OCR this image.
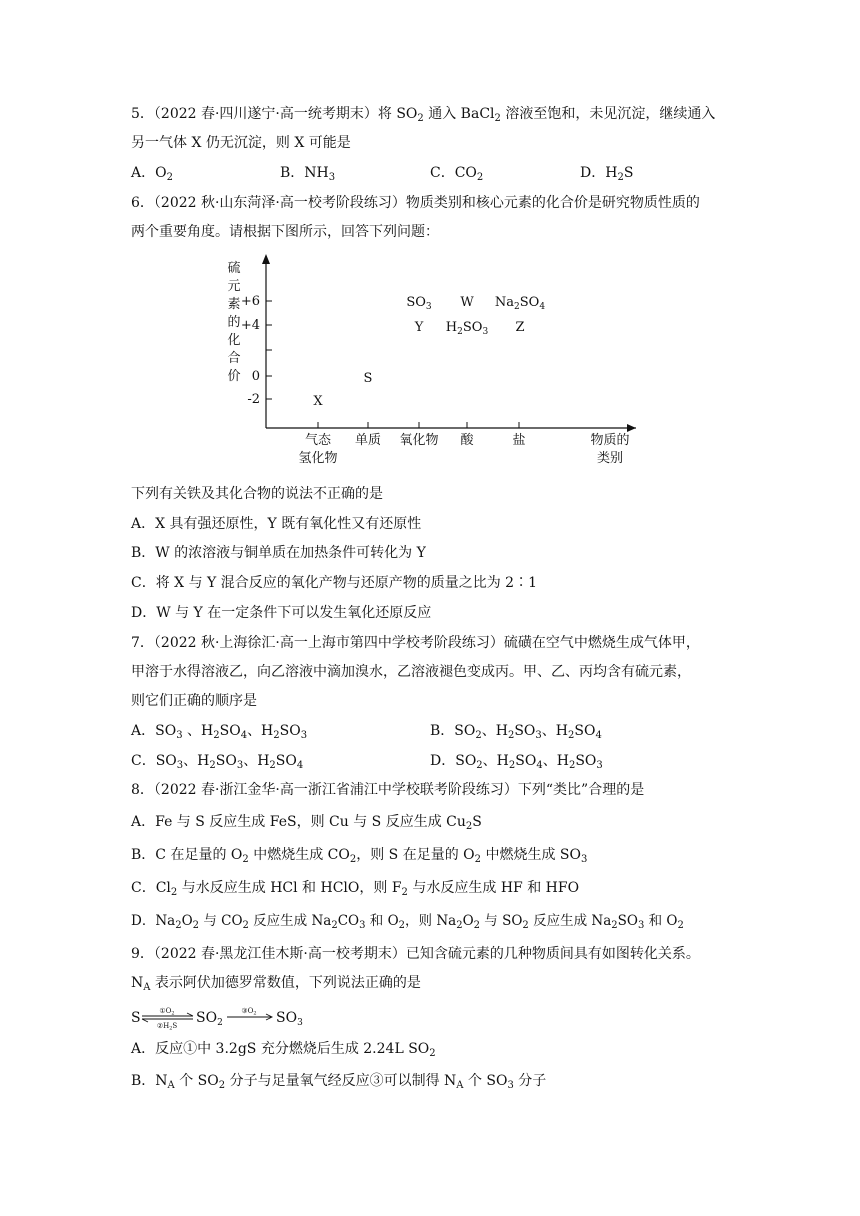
5．（2022 春·四川遂宁·高一统考期末）将 $SO_2$ 通入 BaCl$_2$ 溶液至饱和，未见沉淀，继续通入
另一气体 X 仍无沉淀，则 X 可能是
A．$O_2$	B．$NH_3$	C．$CO_2$	D．$H_2S$
6．（2022 秋·山东菏泽·高一校考阶段练习）物质类别和核心元素的化合价是研究物质性质的
两个重要角度。请根据下图所示，回答下列问题：
硫
元
素
的
化
合
价
+6
+4
0
-2
气态
氢化物
单质 氧化物 酸	盐	物质的
类别
$SO_3$ W $Na_2SO_4$
Y $H_2SO_3$ Z
S
X
下列有关铁及其化合物的说法不正确的是
A．X 具有强还原性，Y 既有氧化性又有还原性
B．W 的浓溶液与铜单质在加热条件可转化为 Y
C．将 X 与 Y 混合反应的氧化产物与还原产物的质量之比为 2∶1
D．W 与 Y 在一定条件下可以发生氧化还原反应
7．（2022 秋·上海徐汇·高一上海市第四中学校考阶段练习）硫磺在空气中燃烧生成气体甲，
甲溶于水得溶液乙，向乙溶液中滴加溴水，乙溶液褪色变成丙。甲、乙、丙均含有硫元素，
则它们正确的顺序是
A．$SO_3$ 、$H_2SO_4$、$H_2SO_3$	B．$SO_2$、$H_2SO_3$、$H_2SO_4$
C．$SO_3$、$H_2SO_3$、$H_2SO_4$	D．$SO_2$、$H_2SO_4$、$H_2SO_3$
8．（2022 春·浙江金华·高一浙江省浦江中学校联考阶段练习）下列“类比”合理的是
A．Fe 与 S 反应生成 FeS，则 Cu 与 S 反应生成 $Cu_2S$
B．C 在足量的 $O_2$ 中燃烧生成 $CO_2$，则 S 在足量的 $O_2$ 中燃烧生成 $SO_3$
C．$Cl_2$ 与水反应生成 HCl 和 HClO，则 $F_2$ 与水反应生成 HF 和 HFO
D．$Na_2O_2$ 与 $CO_2$ 反应生成 $Na_2CO_3$ 和 $O_2$，则 $Na_2O_2$ 与 $SO_2$ 反应生成 $Na_2SO_3$ 和 $O_2$
9．（2022 春·黑龙江佳木斯·高一校考期末）已知含硫元素的几种物质间具有如图转化关系。
$N_A$ 表示阿伏加德罗常数值，下列说法正确的是
S	$①O_2$
$②H_2S$ $SO_2$
$③O_2$ $SO_3$
A．反应①中 3.2gS 充分燃烧后生成 2.24L $SO_2$
B．$N_A$ 个 $SO_2$ 分子与足量氧气经反应③可以制得 $N_A$ 个 $SO_3$ 分子
